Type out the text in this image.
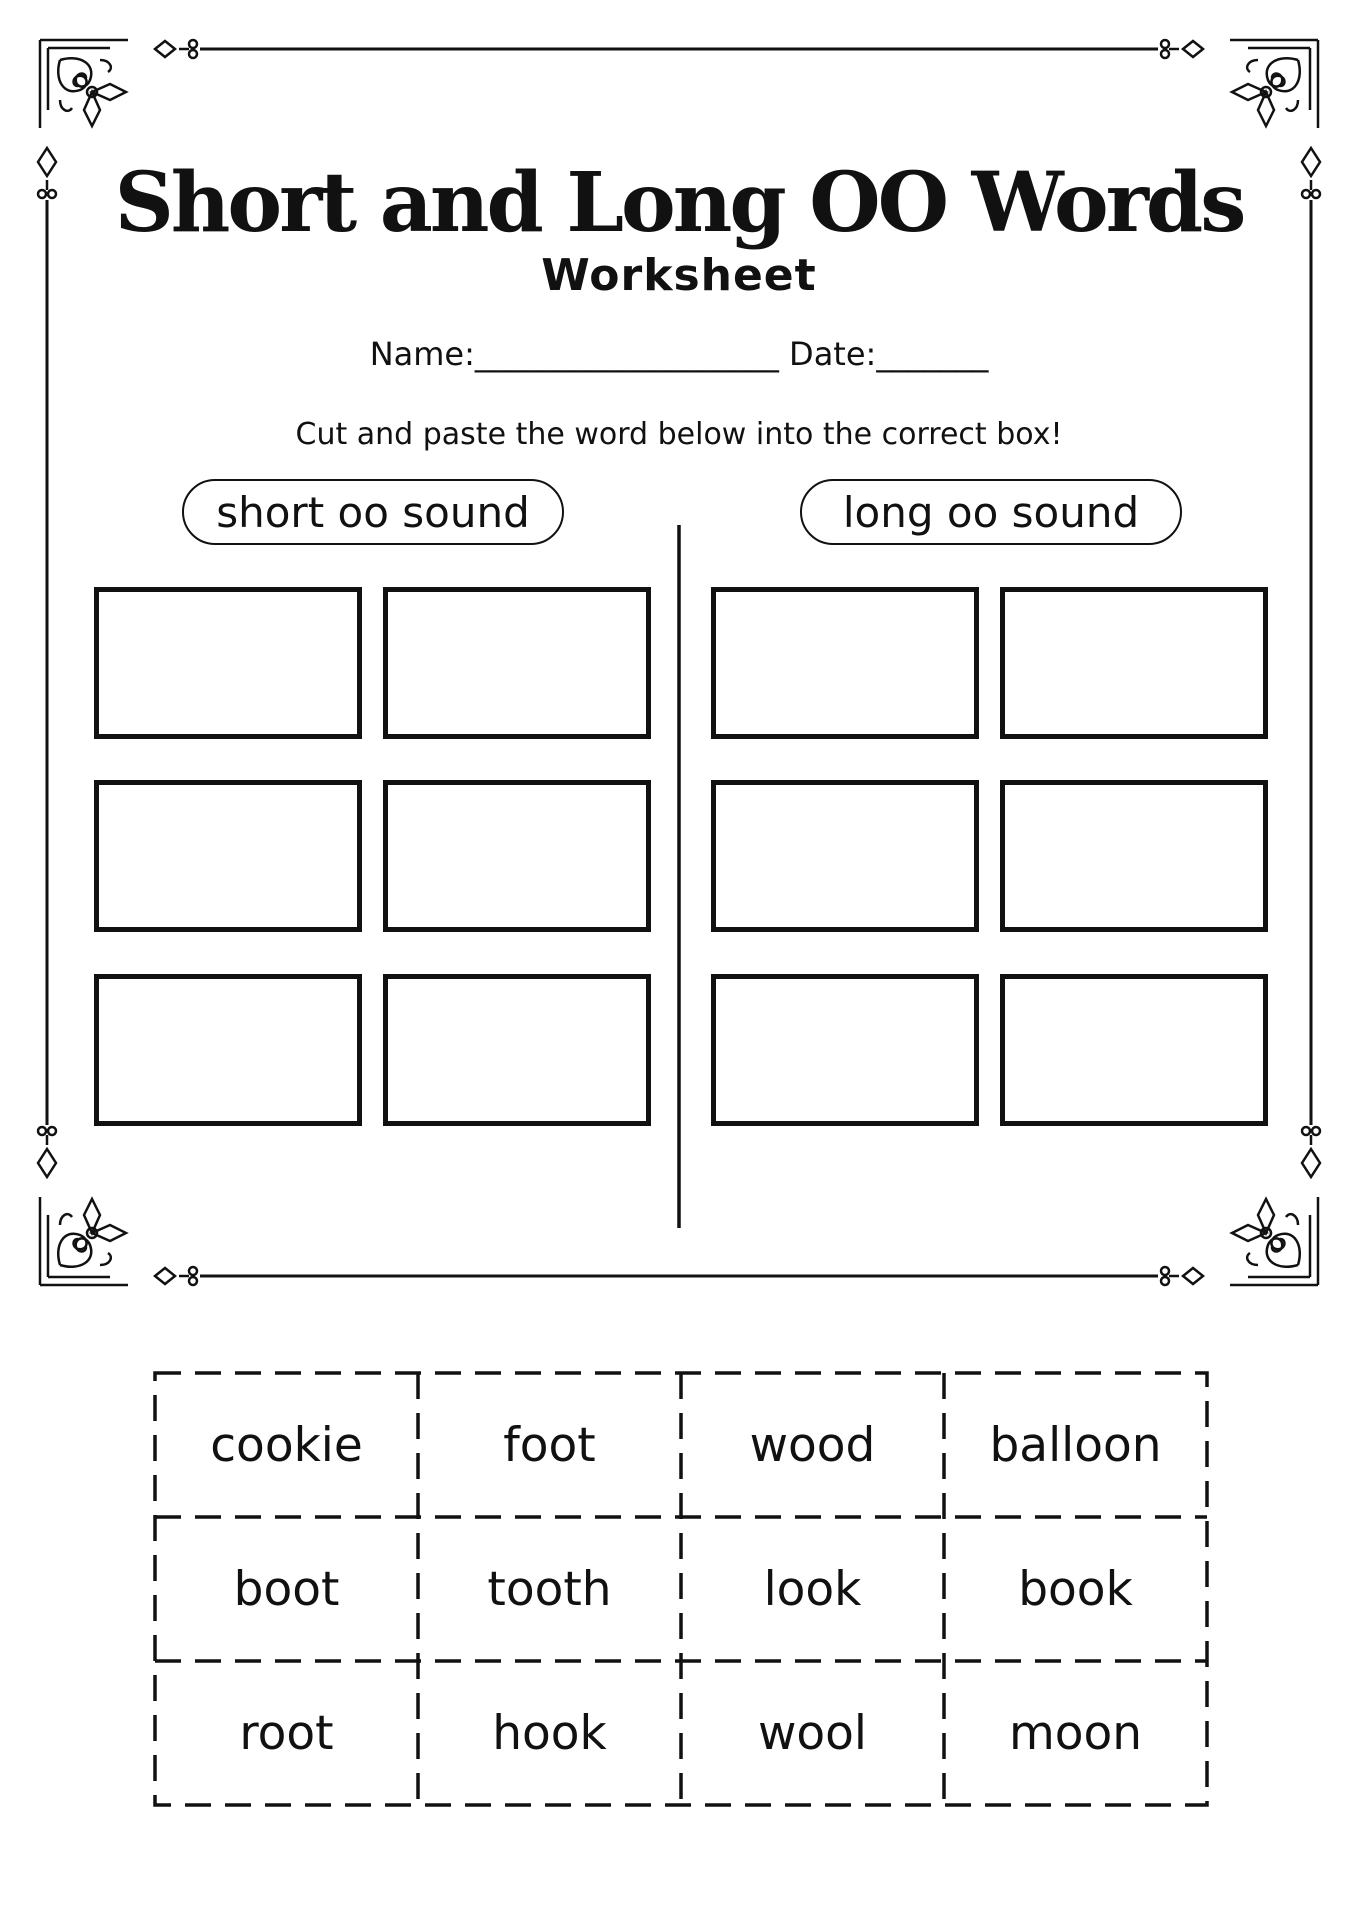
Short and Long OO Words
Worksheet
Name:___________________ Date:_______
Cut and paste the word below into the correct box!
short oo sound	long oo sound
cookie	foot	wood	balloon
boot	tooth	look	book
root	hook	wool	moon
